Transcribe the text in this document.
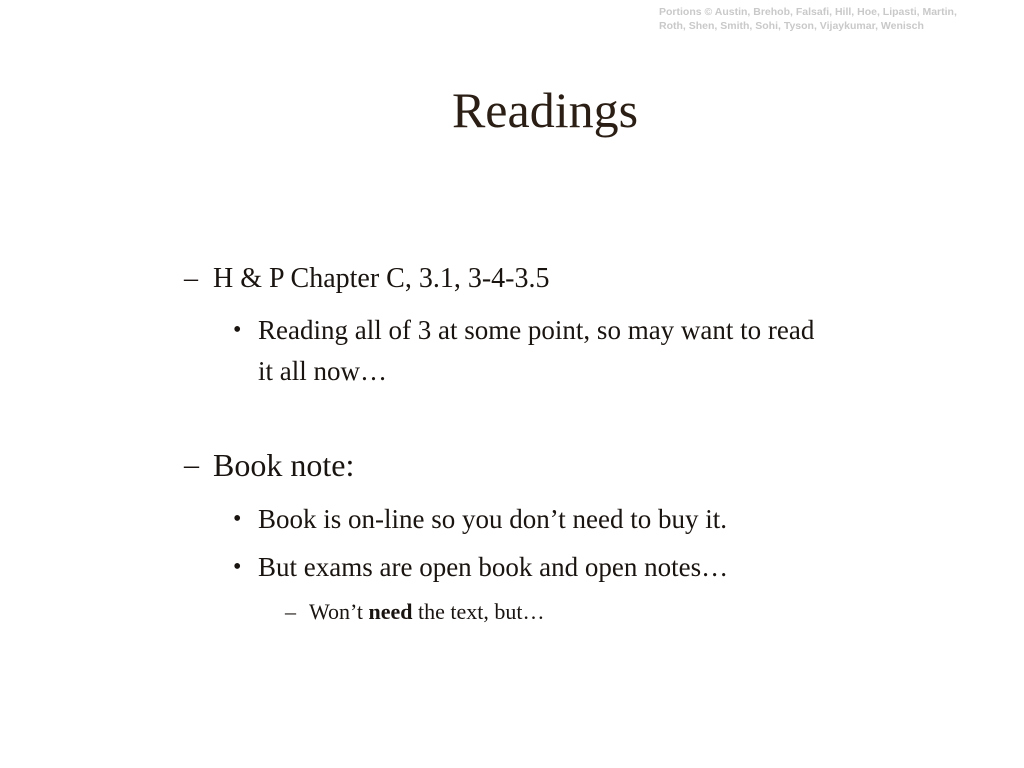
Portions © Austin, Brehob, Falsafi, Hill, Hoe, Lipasti, Martin,
Roth, Shen, Smith, Sohi, Tyson, Vijaykumar, Wenisch
Readings
– H & P Chapter C, 3.1, 3-4-3.5
• Reading all of 3 at some point, so may want to read
it all now…
– Book note:
• Book is on-line so you don’t need to buy it.
• But exams are open book and open notes…
– Won’t need the text, but…
